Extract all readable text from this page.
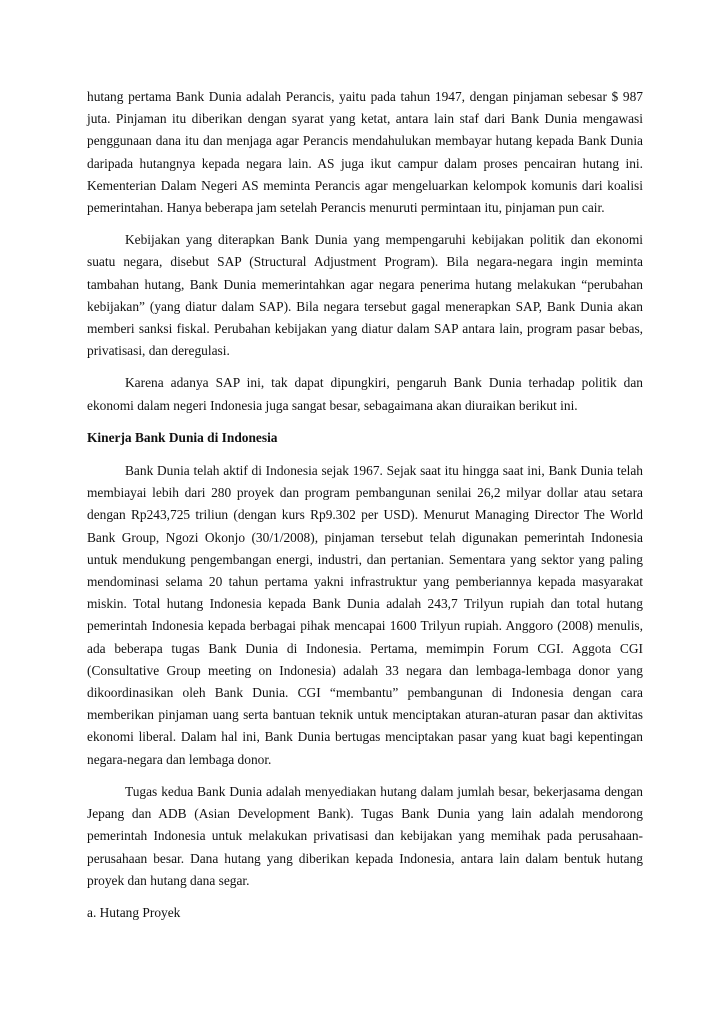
hutang pertama Bank Dunia adalah Perancis, yaitu pada tahun 1947, dengan pinjaman sebesar $ 987 juta. Pinjaman itu diberikan dengan syarat yang ketat, antara lain staf dari Bank Dunia mengawasi penggunaan dana itu dan menjaga agar Perancis mendahulukan membayar hutang kepada Bank Dunia daripada hutangnya kepada negara lain. AS juga ikut campur dalam proses pencairan hutang ini. Kementerian Dalam Negeri AS meminta Perancis agar mengeluarkan kelompok komunis dari koalisi pemerintahan. Hanya beberapa jam setelah Perancis menuruti permintaan itu, pinjaman pun cair.

Kebijakan yang diterapkan Bank Dunia yang mempengaruhi kebijakan politik dan ekonomi suatu negara, disebut SAP (Structural Adjustment Program). Bila negara-negara ingin meminta tambahan hutang, Bank Dunia memerintahkan agar negara penerima hutang melakukan “perubahan kebijakan” (yang diatur dalam SAP). Bila negara tersebut gagal menerapkan SAP, Bank Dunia akan memberi sanksi fiskal. Perubahan kebijakan yang diatur dalam SAP antara lain, program pasar bebas, privatisasi, dan deregulasi.

Karena adanya SAP ini, tak dapat dipungkiri, pengaruh Bank Dunia terhadap politik dan ekonomi dalam negeri Indonesia juga sangat besar, sebagaimana akan diuraikan berikut ini.

Kinerja Bank Dunia di Indonesia

Bank Dunia telah aktif di Indonesia sejak 1967. Sejak saat itu hingga saat ini, Bank Dunia telah membiayai lebih dari 280 proyek dan program pembangunan senilai 26,2 milyar dollar atau setara dengan Rp243,725 triliun (dengan kurs Rp9.302 per USD). Menurut Managing Director The World Bank Group, Ngozi Okonjo (30/1/2008), pinjaman tersebut telah digunakan pemerintah Indonesia untuk mendukung pengembangan energi, industri, dan pertanian. Sementara yang sektor yang paling mendominasi selama 20 tahun pertama yakni infrastruktur yang pemberiannya kepada masyarakat miskin. Total hutang Indonesia kepada Bank Dunia adalah 243,7 Trilyun rupiah dan total hutang pemerintah Indonesia kepada berbagai pihak mencapai 1600 Trilyun rupiah. Anggoro (2008) menulis, ada beberapa tugas Bank Dunia di Indonesia. Pertama, memimpin Forum CGI. Aggota CGI (Consultative Group meeting on Indonesia) adalah 33 negara dan lembaga-lembaga donor yang dikoordinasikan oleh Bank Dunia. CGI “membantu” pembangunan di Indonesia dengan cara memberikan pinjaman uang serta bantuan teknik untuk menciptakan aturan-aturan pasar dan aktivitas ekonomi liberal. Dalam hal ini, Bank Dunia bertugas menciptakan pasar yang kuat bagi kepentingan negara-negara dan lembaga donor.

Tugas kedua Bank Dunia adalah menyediakan hutang dalam jumlah besar, bekerjasama dengan Jepang dan ADB (Asian Development Bank). Tugas Bank Dunia yang lain adalah mendorong pemerintah Indonesia untuk melakukan privatisasi dan kebijakan yang memihak pada perusahaan-perusahaan besar. Dana hutang yang diberikan kepada Indonesia, antara lain dalam bentuk hutang proyek dan hutang dana segar.

a. Hutang Proyek
